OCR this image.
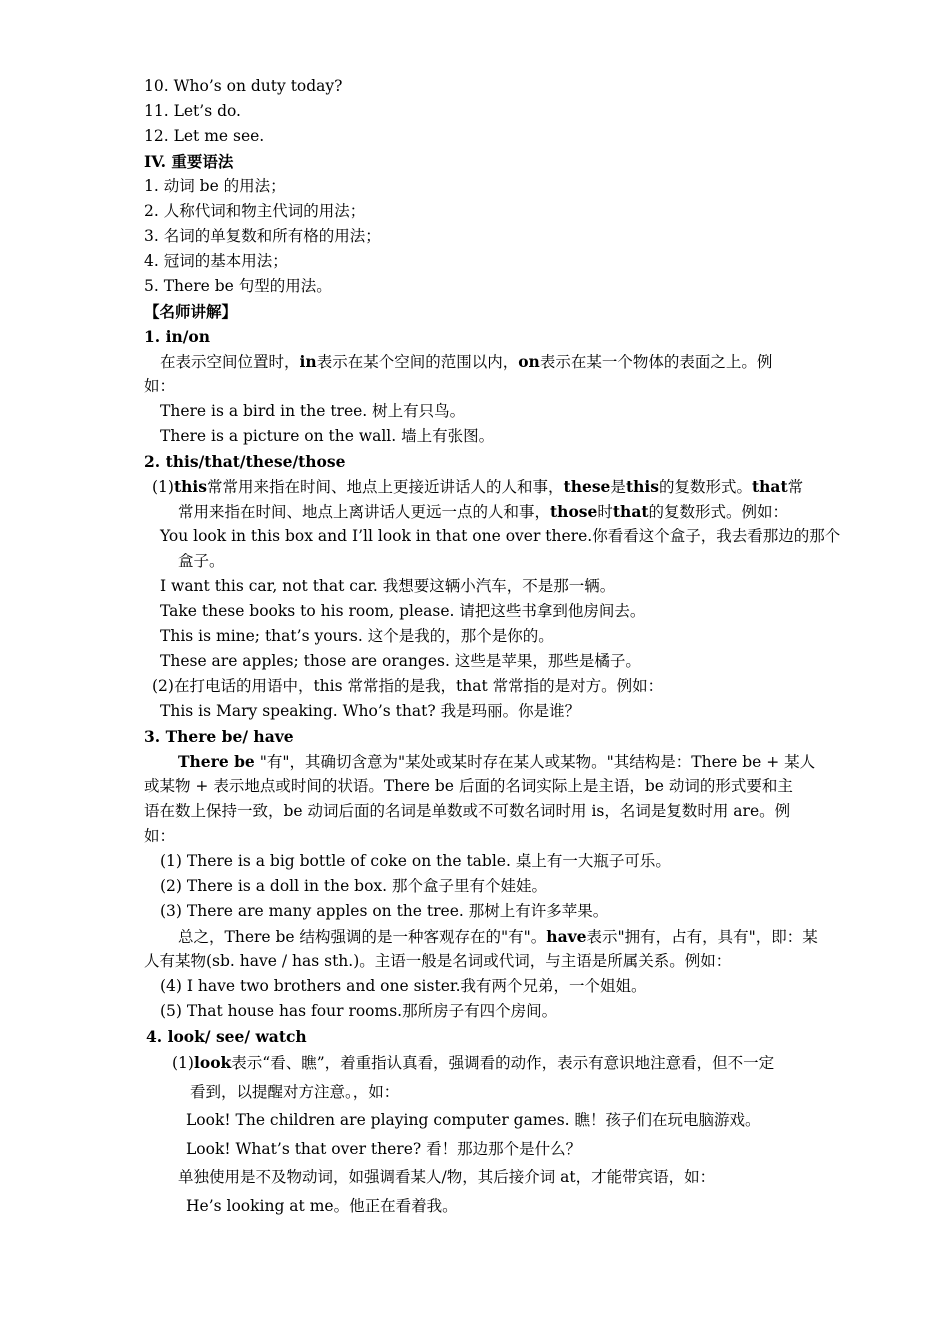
10. Who’s on duty today?
11. Let’s do.
12. Let me see.
IV. 重要语法
1. 动词 be 的用法；
2. 人称代词和物主代词的用法；
3. 名词的单复数和所有格的用法；
4. 冠词的基本用法；
5. There be 句型的用法。
【名师讲解】
1. in/on
在表示空间位置时，in表示在某个空间的范围以内，on表示在某一个物体的表面之上。例
如：
There is a bird in the tree. 树上有只鸟。
There is a picture on the wall. 墙上有张图。
2. this/that/these/those
(1)this常常用来指在时间、地点上更接近讲话人的人和事，these是this的复数形式。that常
常用来指在时间、地点上离讲话人更远一点的人和事，those时that的复数形式。例如：
You look in this box and I’ll look in that one over there.你看看这个盒子，我去看那边的那个
盒子。
I want this car, not that car. 我想要这辆小汽车，不是那一辆。
Take these books to his room, please. 请把这些书拿到他房间去。
This is mine; that’s yours. 这个是我的，那个是你的。
These are apples; those are oranges. 这些是苹果，那些是橘子。
(2)在打电话的用语中，this 常常指的是我，that 常常指的是对方。例如：
This is Mary speaking. Who’s that? 我是玛丽。你是谁？
3. There be/ have
There be "有"，其确切含意为"某处或某时存在某人或某物。"其结构是：There be + 某人
或某物 + 表示地点或时间的状语。There be 后面的名词实际上是主语，be 动词的形式要和主
语在数上保持一致，be 动词后面的名词是单数或不可数名词时用 is，名词是复数时用 are。例
如：
(1) There is a big bottle of coke on the table. 桌上有一大瓶子可乐。
(2) There is a doll in the box. 那个盒子里有个娃娃。
(3) There are many apples on the tree. 那树上有许多苹果。
总之，There be 结构强调的是一种客观存在的"有"。have表示"拥有，占有，具有"，即：某
人有某物(sb. have / has sth.)。主语一般是名词或代词，与主语是所属关系。例如：
(4) I have two brothers and one sister.我有两个兄弟，一个姐姐。
(5) That house has four rooms.那所房子有四个房间。
4. look/ see/ watch
(1)look表示“看、瞧”，着重指认真看，强调看的动作，表示有意识地注意看，但不一定
看到，以提醒对方注意。，如：
Look! The children are playing computer games. 瞧！孩子们在玩电脑游戏。
Look! What’s that over there? 看！那边那个是什么？
单独使用是不及物动词，如强调看某人/物，其后接介词 at，才能带宾语，如：
He’s looking at me。他正在看着我。
